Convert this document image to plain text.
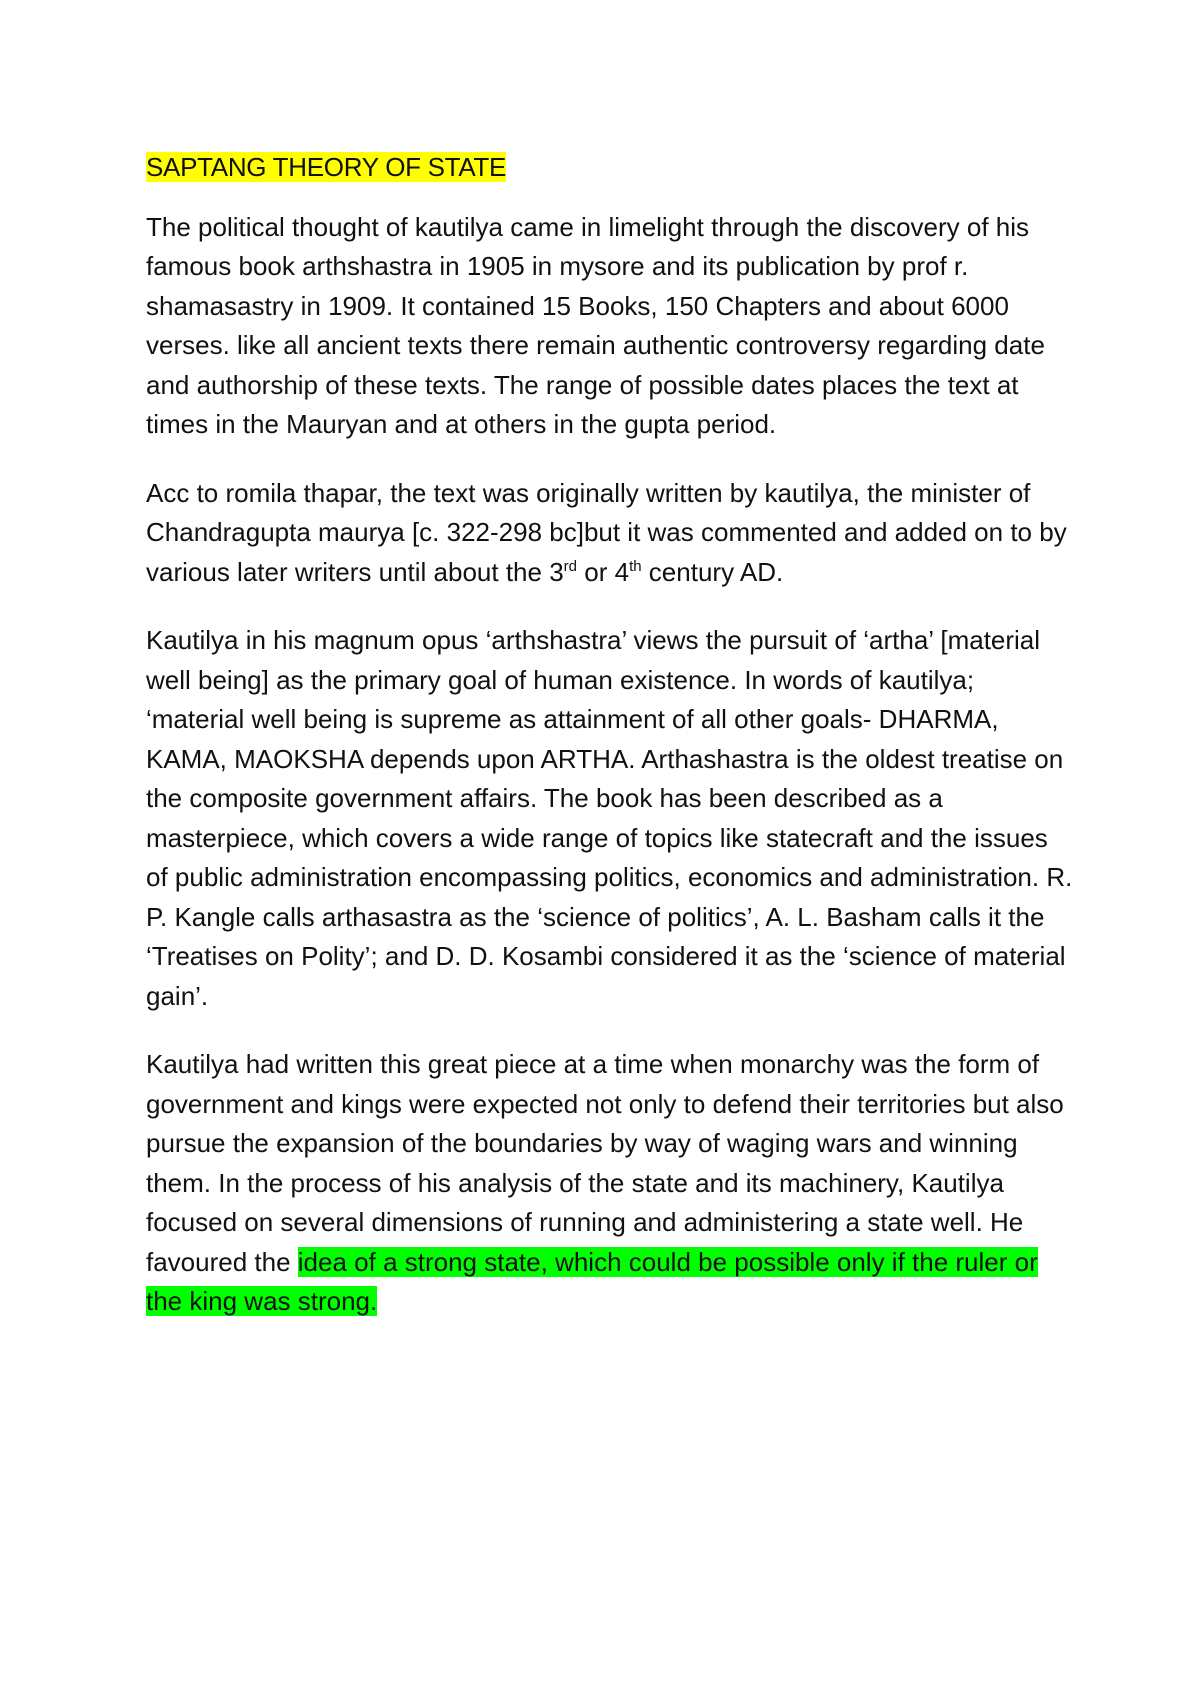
SAPTANG THEORY OF STATE

The political thought of kautilya came in limelight through the discovery of his famous book arthshastra in 1905 in mysore and its publication by prof r. shamasastry in 1909. It contained 15 Books, 150 Chapters and about 6000 verses. like all ancient texts there remain authentic controversy regarding date and authorship of these texts. The range of possible dates places the text at times in the Mauryan and at others in the gupta period.

Acc to romila thapar, the text was originally written by kautilya, the minister of Chandragupta maurya [c. 322-298 bc]but it was commented and added on to by various later writers until about the 3rd or 4th century AD.

Kautilya in his magnum opus ‘arthshastra’ views the pursuit of ‘artha’ [material well being] as the primary goal of human existence. In words of kautilya; ‘material well being is supreme as attainment of all other goals- DHARMA, KAMA, MAOKSHA depends upon ARTHA. Arthashastra is the oldest treatise on the composite government affairs. The book has been described as a masterpiece, which covers a wide range of topics like statecraft and the issues of public administration encompassing politics, economics and administration. R. P. Kangle calls arthasastra as the ‘science of politics’, A. L. Basham calls it the ‘Treatises on Polity’; and D. D. Kosambi considered it as the ‘science of material gain’.

Kautilya had written this great piece at a time when monarchy was the form of government and kings were expected not only to defend their territories but also pursue the expansion of the boundaries by way of waging wars and winning them. In the process of his analysis of the state and its machinery, Kautilya focused on several dimensions of running and administering a state well. He favoured the idea of a strong state, which could be possible only if the ruler or the king was strong.
